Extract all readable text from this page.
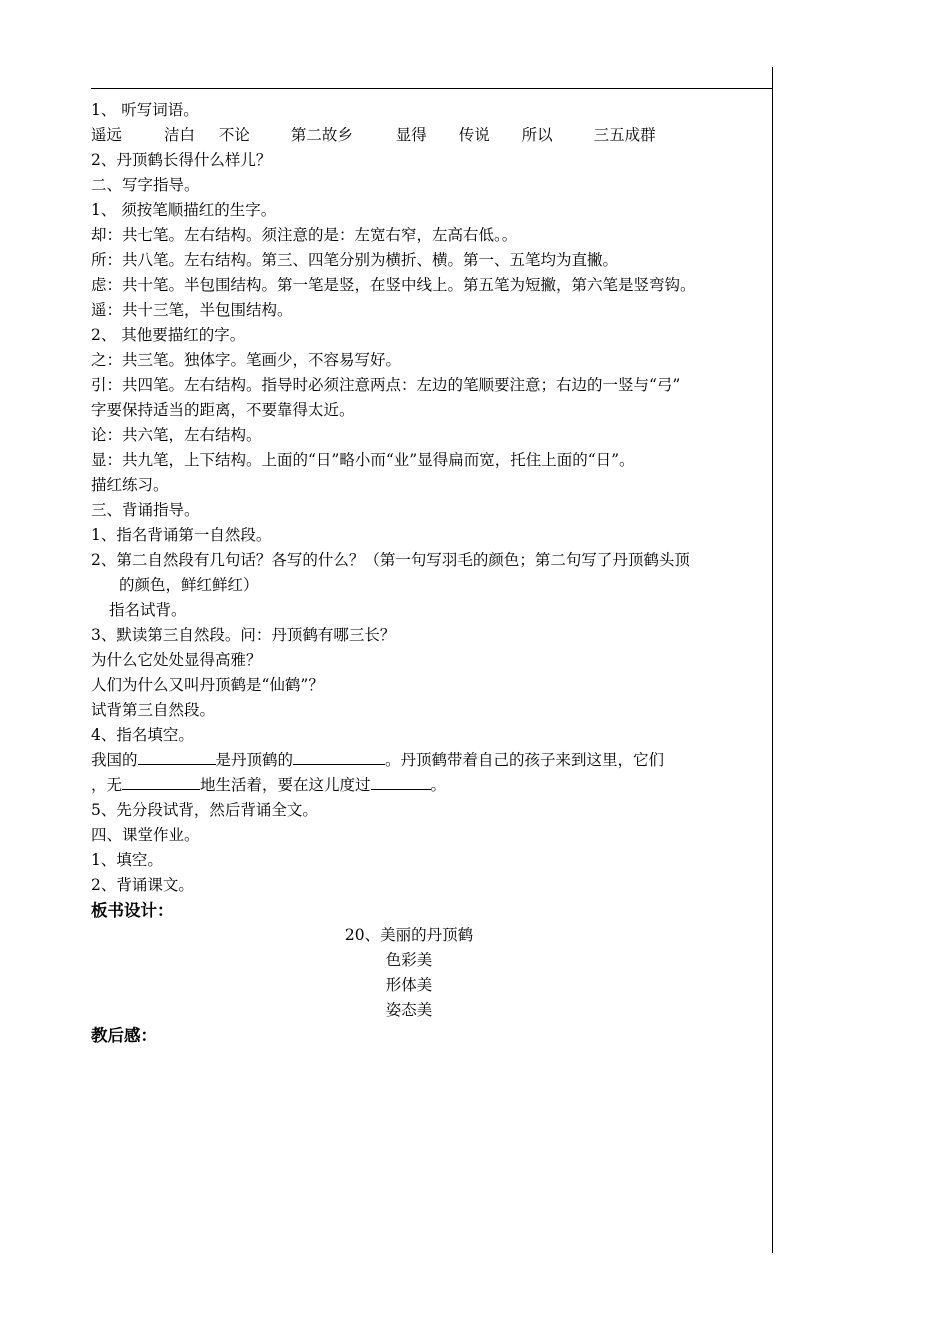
1、 听写词语。
遥远	洁白 不论	第二故乡	显得 传说 所以	三五成群
2、丹顶鹤长得什么样儿？
二、写字指导。
1、 须按笔顺描红的生字。
却：共七笔。左右结构。须注意的是：左宽右窄，左高右低。。
所：共八笔。左右结构。第三、四笔分别为横折、横。第一、五笔均为直撇。
虑：共十笔。半包围结构。第一笔是竖，在竖中线上。第五笔为短撇，第六笔是竖弯钩。
遥：共十三笔，半包围结构。
2、 其他要描红的字。
之：共三笔。独体字。笔画少，不容易写好。
引：共四笔。左右结构。指导时必须注意两点：左边的笔顺要注意；右边的一竖与“弓”
字要保持适当的距离，不要靠得太近。
论：共六笔，左右结构。
显：共九笔，上下结构。上面的“日”略小而“业”显得扁而宽，托住上面的“日”。
描红练习。
三、背诵指导。
1、指名背诵第一自然段。
2、第二自然段有几句话？各写的什么？（第一句写羽毛的颜色；第二句写了丹顶鹤头顶
的颜色，鲜红鲜红）
指名试背。
3、默读第三自然段。问：丹顶鹤有哪三长？
为什么它处处显得高雅？
人们为什么又叫丹顶鹤是“仙鹤”？
试背第三自然段。
4、指名填空。
我国的	是丹顶鹤的	。丹顶鹤带着自己的孩子来到这里，它们
，无	地生活着，要在这儿度过	。
5、先分段试背，然后背诵全文。
四、课堂作业。
1、填空。
2、背诵课文。
板书设计：
20、美丽的丹顶鹤
色彩美
形体美
姿态美
教后感：
